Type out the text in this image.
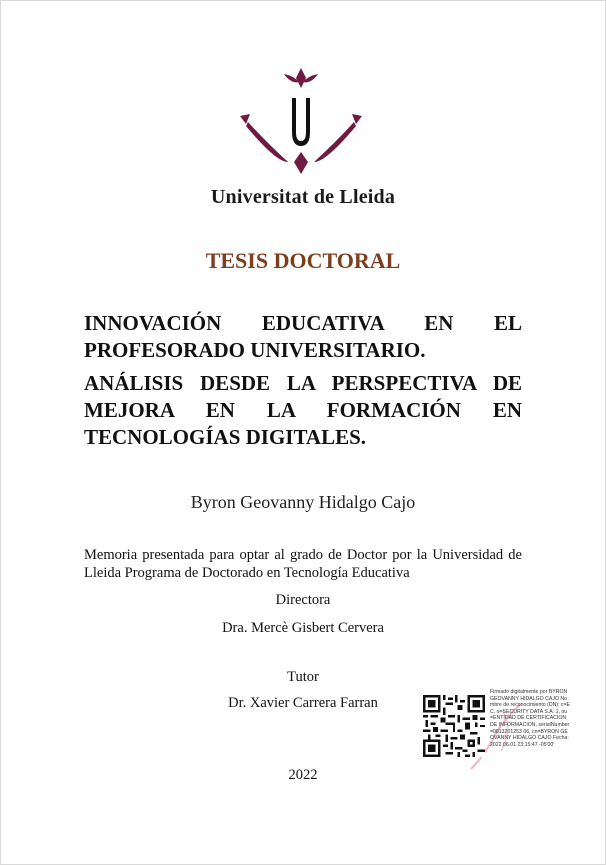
Universitat de Lleida
TESIS DOCTORAL

INNOVACIÓN EDUCATIVA EN EL PROFESORADO UNIVERSITARIO.

ANÁLISIS DESDE LA PERSPECTIVA DE MEJORA EN LA FORMACIÓN EN TECNOLOGÍAS DIGITALES.

Byron Geovanny Hidalgo Cajo
Memoria presentada para optar al grado de Doctor por la Universidad de Lleida Programa de Doctorado en Tecnología Educativa
Directora
Dra. Mercè Gisbert Cervera
Tutor
Dr. Xavier Carrera Farran
2022
Firmado digitalmente por BYRON GEOVANNY HIDALGO CAJO Nombre de reconocimiento (DN): c=EC, o=SECURITY DATA S.A. 1, ou=ENTIDAD DE CERTIFICACION DE INFORMACION, serialNumber=0813201253 06, cn=BYRON GEOVANNY HIDALGO CAJO Fecha: 2022.06.01 23:15:47 -05'00'
